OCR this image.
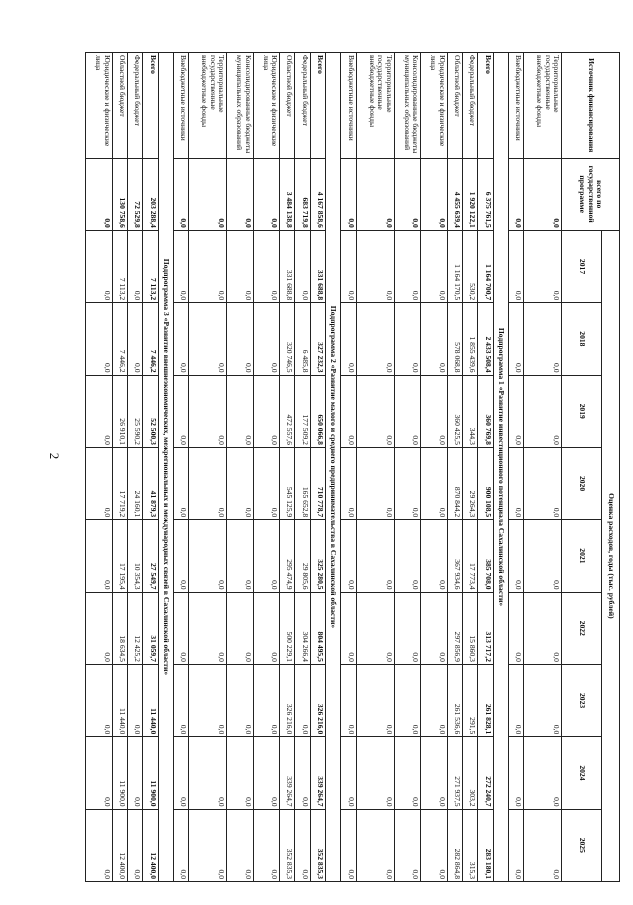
2
Источник финансирования	всего по государственной программе	Оценка расходов, годы (тыс. рублей)								
		2017	2018	2019	2020	2021	2022	2023	2024	2025
Территориальные государственные внебюджетные фонды	0,0	0,0	0,0	0,0	0,0	0,0	0,0	0,0	0,0	0,0
Внебюджетные источники	0,0	0,0	0,0	0,0	0,0	0,0	0,0	0,0	0,0	0,0
Подпрограмма 1 «Развитие инвестиционного потенциала Сахалинской области»										
Всего	6 375 761,5	1 164 700,7	2 433 508,4	360 769,8	900 108,5	385 708,0	313 717,2	261 828,1	272 240,7	283 180,1
Федеральный бюджет	1 920 122,1	530,2	1 855 439,6	344,3	29 264,3	17 773,4	15 860,3	291,5	303,2	315,3
Областной бюджет	4 455 639,4	1 164 170,5	578 068,8	360 425,5	870 844,2	367 934,6	297 856,9	261 536,6	271 937,5	282 864,8
Юридические и физические лица	0,0	0,0	0,0	0,0	0,0	0,0	0,0	0,0	0,0	0,0
Консолидированные бюджеты муниципальных образований	0,0	0,0	0,0	0,0	0,0	0,0	0,0	0,0	0,0	0,0
Территориальные государственные внебюджетные фонды	0,0	0,0	0,0	0,0	0,0	0,0	0,0	0,0	0,0	0,0
Внебюджетные источники	0,0	0,0	0,0	0,0	0,0	0,0	0,0	0,0	0,0	0,0
Подпрограмма 2 «Развитие малого и среднего предпринимательства в Сахалинской области»										
Всего	4 167 858,6	331 688,8	327 232,3	650 066,8	710 778,7	325 280,5	804 495,5	326 216,0	339 264,7	352 835,3
Федеральный бюджет	683 719,8	0,0	6 485,8	177 509,2	165 652,8	29 805,6	304 266,4	0,0	0,0	0,0
Областной бюджет	3 484 138,8	331 688,8	320 746,5	472 557,6	545 125,9	295 474,9	500 229,1	326 216,0	339 264,7	352 835,3
Юридические и физические лица	0,0	0,0	0,0	0,0	0,0	0,0	0,0	0,0	0,0	0,0
Консолидированные бюджеты муниципальных образований	0,0	0,0	0,0	0,0	0,0	0,0	0,0	0,0	0,0	0,0
Территориальные государственные внебюджетные фонды	0,0	0,0	0,0	0,0	0,0	0,0	0,0	0,0	0,0	0,0
Внебюджетные источники	0,0	0,0	0,0	0,0	0,0	0,0	0,0	0,0	0,0	0,0
Подпрограмма 3 «Развитие внешнеэкономических, межрегиональных и международных связей в Сахалинской области»										
Всего	203 288,4	7 113,2	7 446,2	52 500,3	41 879,3	27 549,7	31 059,7	11 440,0	11 900,0	12 400,0
Федеральный бюджет	72 529,8	0,0	0,0	25 590,2	24 160,1	10 354,3	12 425,2	0,0	0,0	0,0
Областной бюджет	130 758,6	7 113,2	7 446,2	26 910,1	17 719,2	17 195,4	18 634,5	11 440,0	11 900,0	12 400,0
Юридические и физические лица	0,0	0,0	0,0	0,0	0,0	0,0	0,0	0,0	0,0	0,0
